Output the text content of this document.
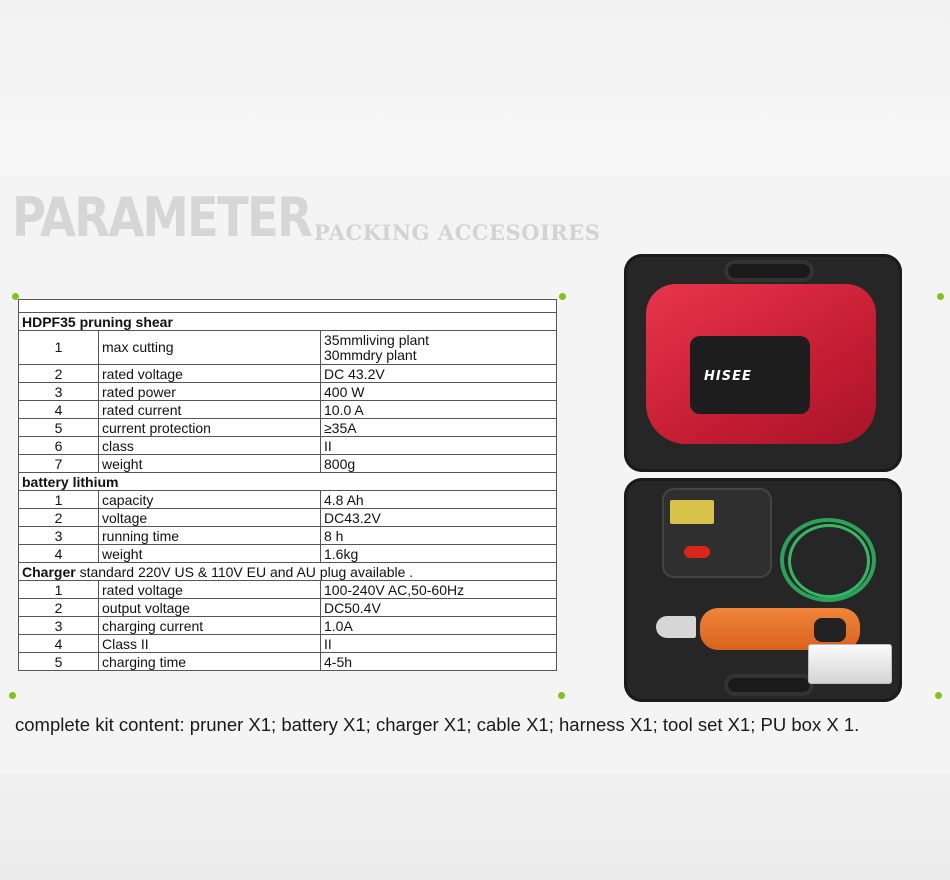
PARAMETER PACKING ACCESOIRES

HDPF35 pruning shear		
1	max cutting	35mmliving plant
30mmdry plant

2	rated voltage	DC 43.2V

3	rated power	400 W

4	rated current	10.0 A

5	current protection	≥35A

6	class	II

7	weight	800g

battery lithium		
1	capacity	4.8 Ah

2	voltage	DC43.2V

3	running time	8 h

4	weight	1.6kg

Charger standard 220V US & 110V EU and AU plug available .		
1	rated voltage	100-240V AC,50-60Hz

2	output voltage	DC50.4V

3	charging current	1.0A

4	Class II	II

5	charging time	4-5h

complete kit content: pruner X1; battery X1; charger X1; cable X1; harness X1; tool set X1; PU box X 1.

HISEE
